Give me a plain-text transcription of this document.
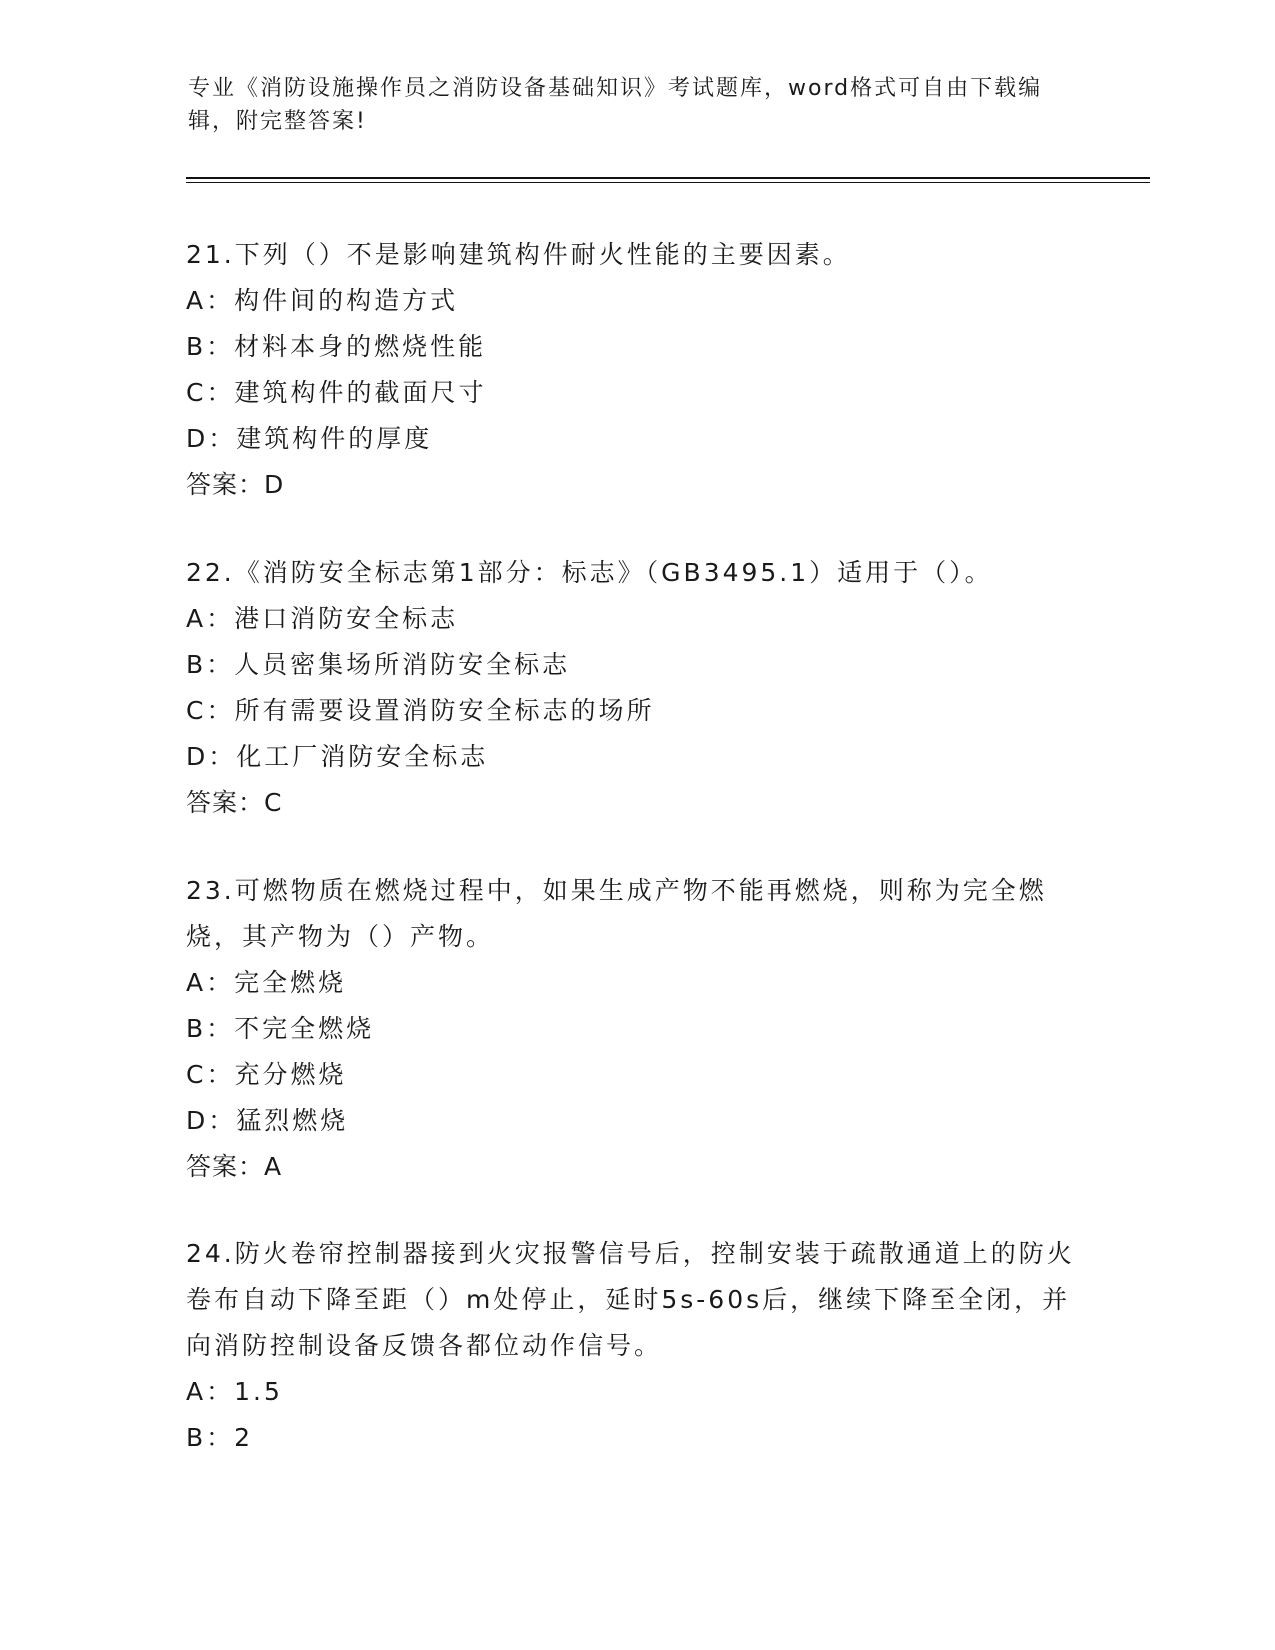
专业《消防设施操作员之消防设备基础知识》考试题库，word格式可自由下载编辑，附完整答案!

21.下列（）不是影响建筑构件耐火性能的主要因素。

A：构件间的构造方式

B：材料本身的燃烧性能

C：建筑构件的截面尺寸

D：建筑构件的厚度

答案：D

22.《消防安全标志第1部分：标志》（GB3495.1）适用于（）。

A：港口消防安全标志

B：人员密集场所消防安全标志

C：所有需要设置消防安全标志的场所

D：化工厂消防安全标志

答案：C

23.可燃物质在燃烧过程中，如果生成产物不能再燃烧，则称为完全燃烧，其产物为（）产物。

A：完全燃烧

B：不完全燃烧

C：充分燃烧

D：猛烈燃烧

答案：A

24.防火卷帘控制器接到火灾报警信号后，控制安装于疏散通道上的防火卷布自动下降至距（）m处停止，延时5s-60s后，继续下降至全闭，并向消防控制设备反馈各都位动作信号。

A：1.5

B：2
